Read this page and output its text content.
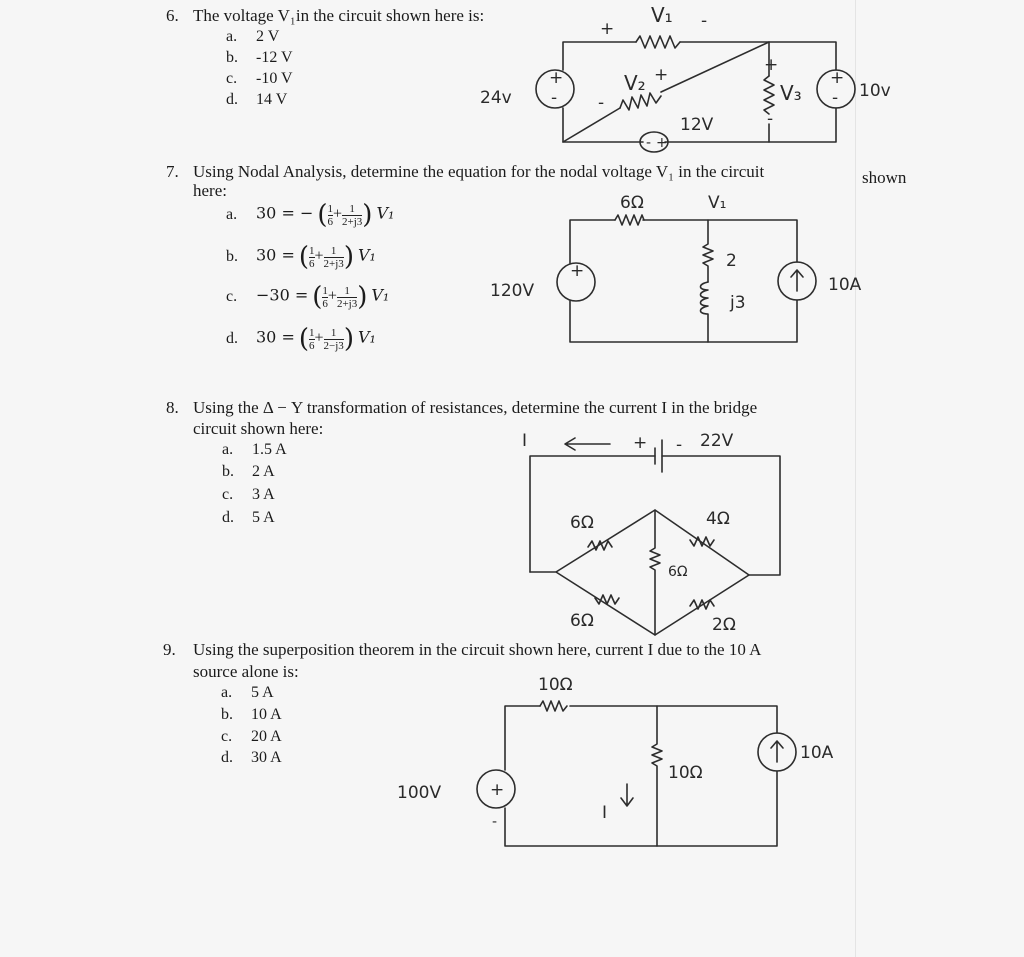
6. The voltage V₁in the circuit shown here is:
a. 2 V
b. -12 V
c. -10 V
d. 14 V
+
V₁ -
24v
+
-
V₂ +
-
+
V₃
-
+
- 10v
- +
12V
7. Using Nodal Analysis, determine the equation for the nodal voltage V₁ in the circuit
here:
shown
a. 30 = − ( $\frac{1}{6} + \frac{1}{2+j3}$ ) V₁
b. 30 = ( $\frac{1}{6} + \frac{1}{2+j3}$ ) V₁
c. −30 = ( $\frac{1}{6} + \frac{1}{2+j3}$ ) V₁
d. 30 = ( $\frac{1}{6} + \frac{1}{2-j3}$ ) V₁
6Ω	V₁
2
j3
120V
+
10A
8. Using the Δ − Y transformation of resistances, determine the current I in the bridge
circuit shown here:
a. 1.5 A
b. 2 A
c. 3 A
d. 5 A
I	+ - 22V
6Ω	4Ω
6Ω
6Ω	2Ω
9. Using the superposition theorem in the circuit shown here, current I due to the 10 A
source alone is:
a. 5 A
b. 10 A
c. 20 A
d. 30 A
10Ω
10Ω
100V	+
-
10A
I
